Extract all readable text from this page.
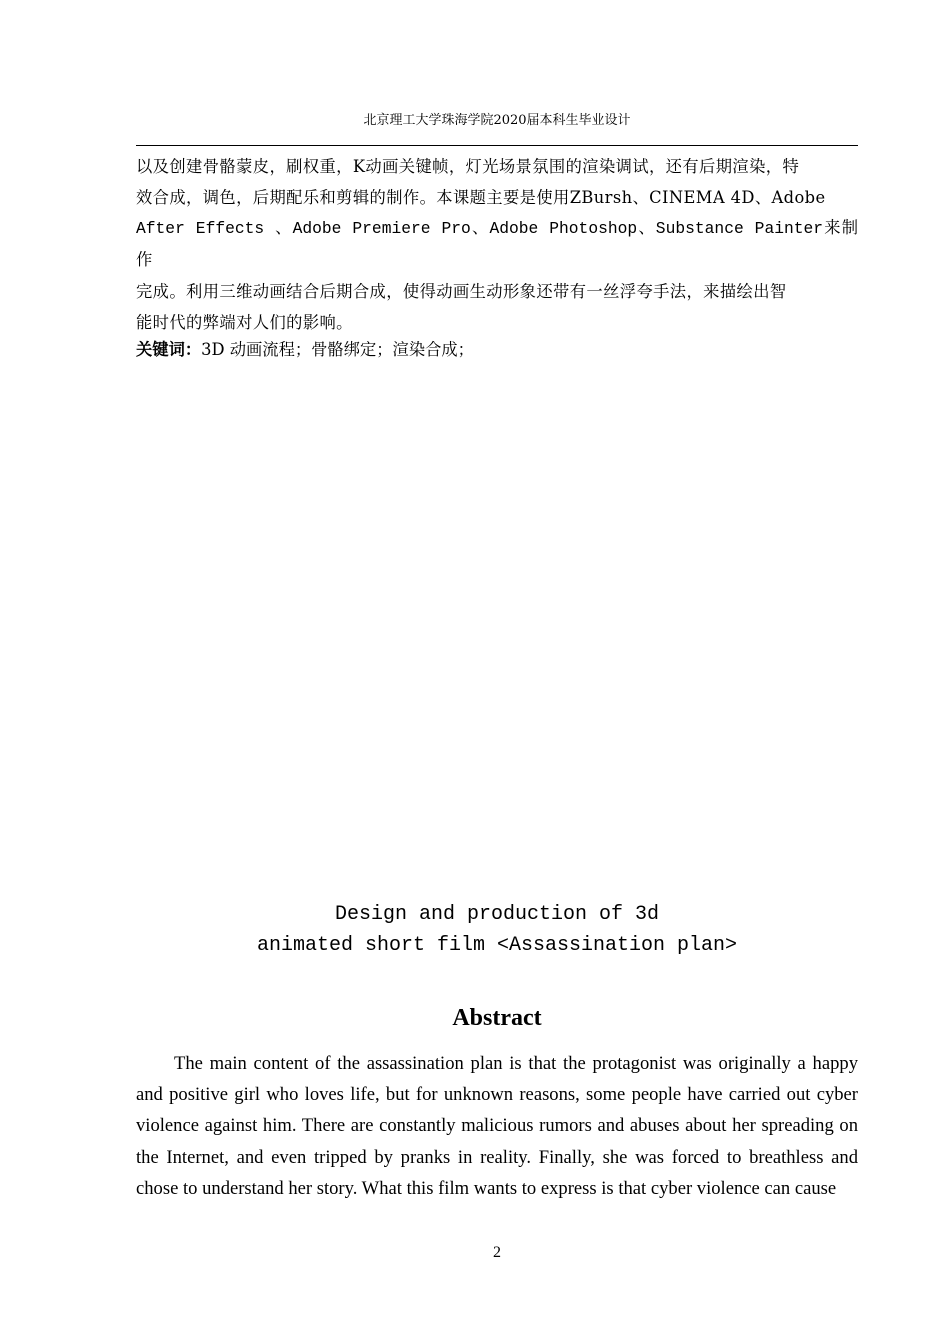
北京理工大学珠海学院2020届本科生毕业设计
以及创建骨骼蒙皮，刷权重，K动画关键帧，灯光场景氛围的渲染调试，还有后期渲染，特
效合成，调色，后期配乐和剪辑的制作。本课题主要是使用ZBursh、CINEMA 4D、Adobe
After Effects 、Adobe Premiere Pro、Adobe Photoshop、Substance Painter来制作
完成。利用三维动画结合后期合成，使得动画生动形象还带有一丝浮夸手法，来描绘出智
能时代的弊端对人们的影响。
关键词：3D 动画流程；骨骼绑定；渲染合成；
Design and production of 3d
animated short film <Assassination plan>
Abstract

The main content of the assassination plan is that the protagonist was originally a happy and positive girl who loves life, but for unknown reasons, some people have carried out cyber violence against him. There are constantly malicious rumors and abuses about her spreading on the Internet, and even tripped by pranks in reality. Finally, she was forced to breathless and chose to understand her story. What this film wants to express is that cyber violence can cause

2
